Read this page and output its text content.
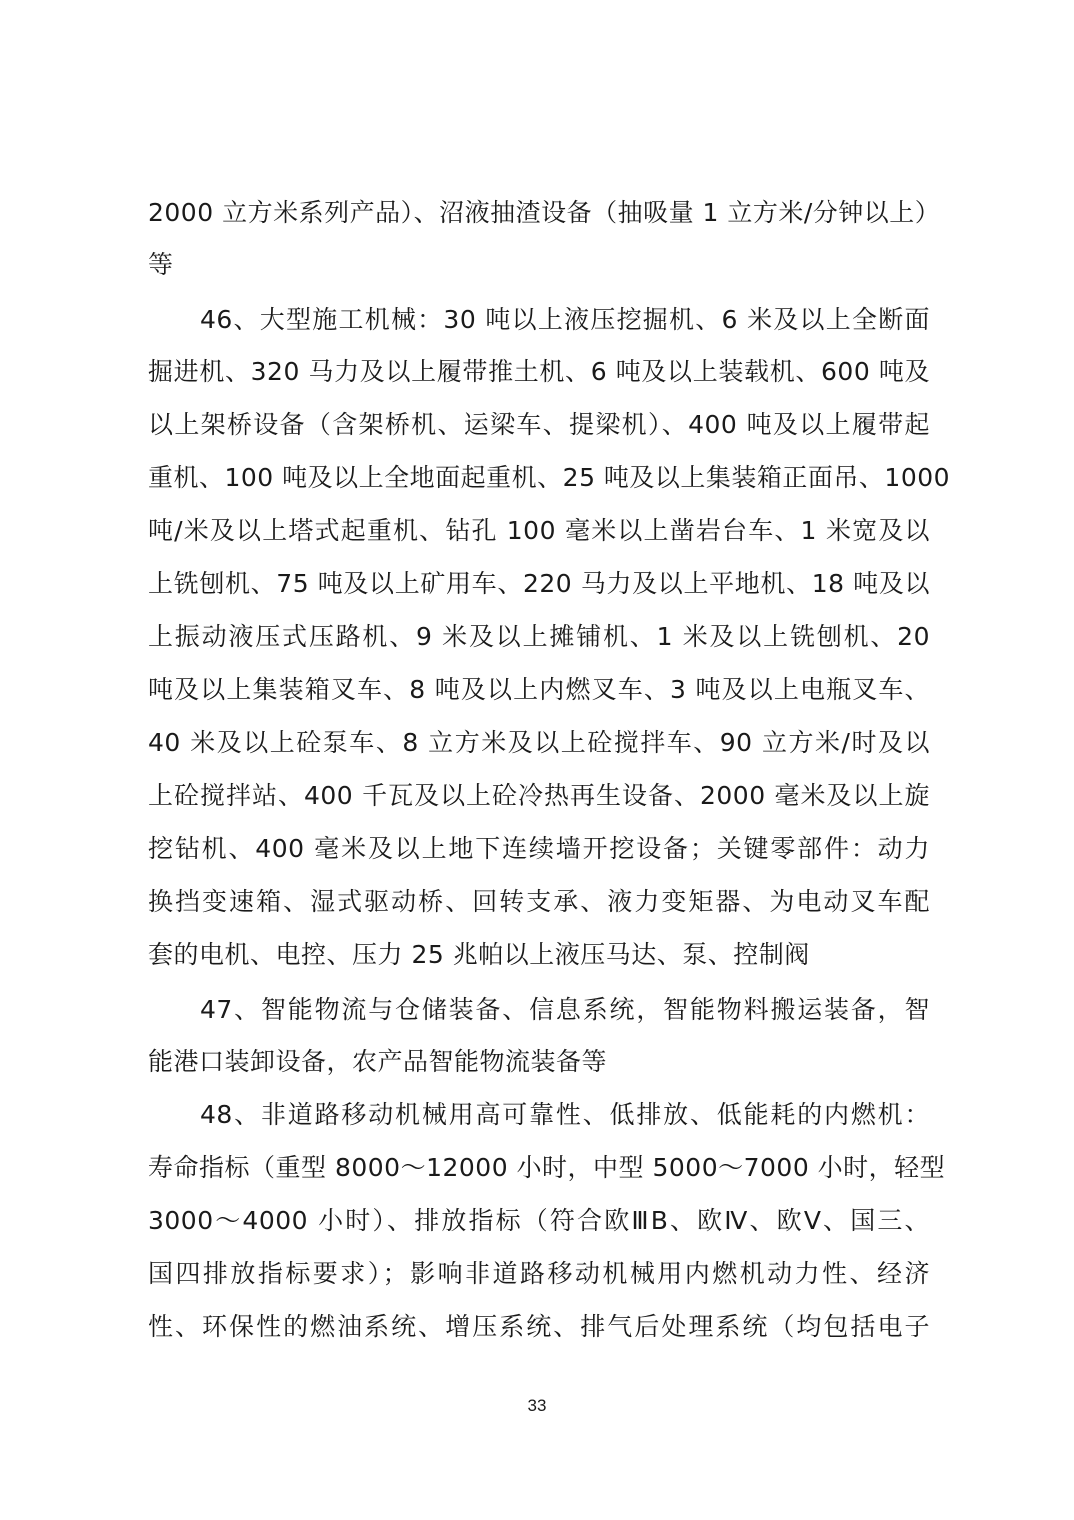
2000 立方米系列产品）、沼液抽渣设备（抽吸量 1 立方米/分钟以上）
等
46、大型施工机械：30 吨以上液压挖掘机、6 米及以上全断面
掘进机、320 马力及以上履带推土机、6 吨及以上装载机、600 吨及
以上架桥设备（含架桥机、运梁车、提梁机）、400 吨及以上履带起
重机、100 吨及以上全地面起重机、25 吨及以上集装箱正面吊、1000
吨/米及以上塔式起重机、钻孔 100 毫米以上凿岩台车、1 米宽及以
上铣刨机、75 吨及以上矿用车、220 马力及以上平地机、18 吨及以
上振动液压式压路机、9 米及以上摊铺机、1 米及以上铣刨机、20
吨及以上集装箱叉车、8 吨及以上内燃叉车、3 吨及以上电瓶叉车、
40 米及以上砼泵车、8 立方米及以上砼搅拌车、90 立方米/时及以
上砼搅拌站、400 千瓦及以上砼冷热再生设备、2000 毫米及以上旋
挖钻机、400 毫米及以上地下连续墙开挖设备；关键零部件：动力
换挡变速箱、湿式驱动桥、回转支承、液力变矩器、为电动叉车配
套的电机、电控、压力 25 兆帕以上液压马达、泵、控制阀
47、智能物流与仓储装备、信息系统，智能物料搬运装备，智
能港口装卸设备，农产品智能物流装备等
48、非道路移动机械用高可靠性、低排放、低能耗的内燃机：
寿命指标（重型 8000～12000 小时，中型 5000～7000 小时，轻型
3000～4000 小时）、排放指标（符合欧ⅢB、欧Ⅳ、欧Ⅴ、国三、
国四排放指标要求）；影响非道路移动机械用内燃机动力性、经济
性、环保性的燃油系统、增压系统、排气后处理系统（均包括电子
33
